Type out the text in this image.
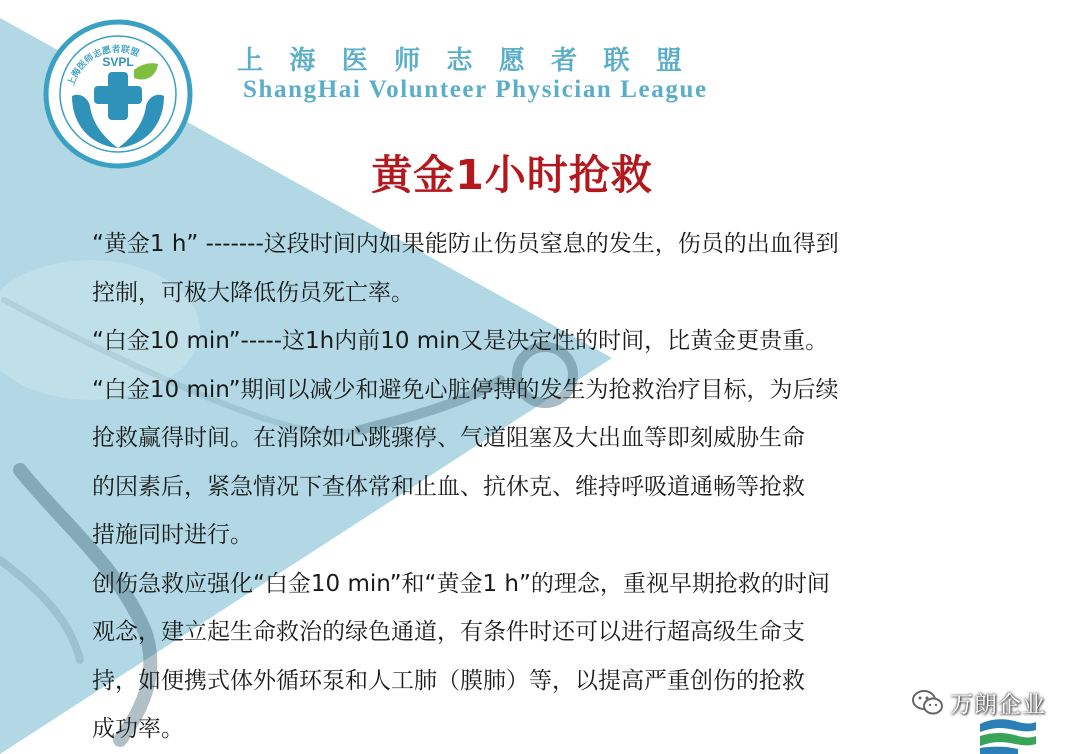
上海医师志愿者联盟
SVPL	上 海 医 师 志 愿 者 联 盟
ShangHai Volunteer Physician League
黄金1小时抢救

“黄金1 h” -------这段时间内如果能防止伤员窒息的发生，伤员的出血得到
控制，可极大降低伤员死亡率。

“白金10 min”-----这1h内前10 min又是决定性的时间，比黄金更贵重。

“白金10 min”期间以减少和避免心脏停搏的发生为抢救治疗目标，为后续
抢救赢得时间。在消除如心跳骤停、气道阻塞及大出血等即刻威胁生命
的因素后，紧急情况下查体常和止血、抗休克、维持呼吸道通畅等抢救
措施同时进行。

创伤急救应强化“白金10 min”和“黄金1 h”的理念，重视早期抢救的时间
观念，建立起生命救治的绿色通道，有条件时还可以进行超高级生命支
持，如便携式体外循环泵和人工肺（膜肺）等，以提高严重创伤的抢救
成功率。

万朗企业
